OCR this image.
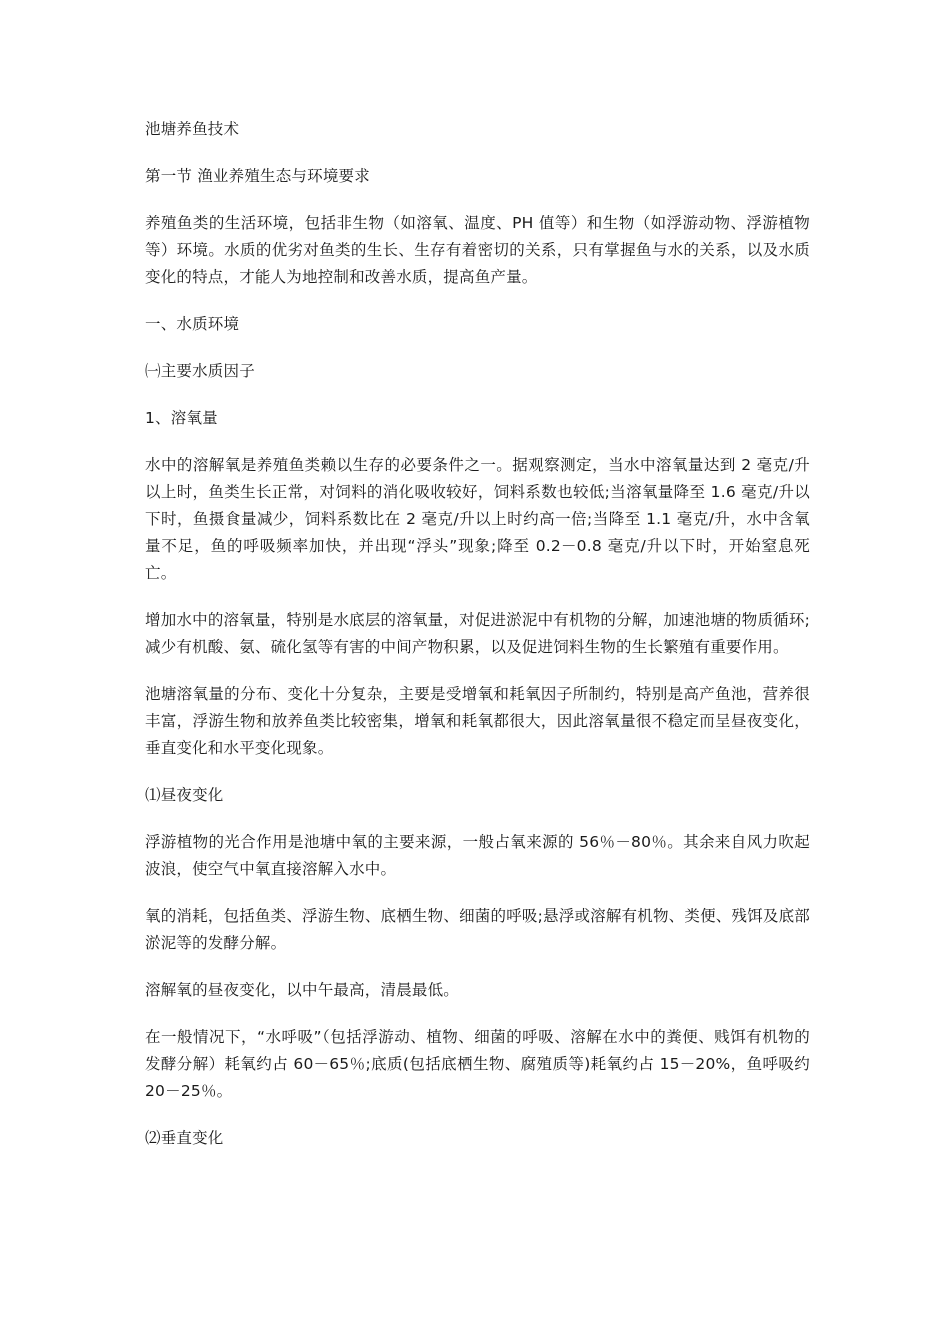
池塘养鱼技术

第一节 渔业养殖生态与环境要求

养殖鱼类的生活环境，包括非生物（如溶氧、温度、PH 值等）和生物（如浮游动物、浮游植物等）环境。水质的优劣对鱼类的生长、生存有着密切的关系，只有掌握鱼与水的关系，以及水质变化的特点，才能人为地控制和改善水质，提高鱼产量。

一、水质环境

㈠主要水质因子

1、溶氧量

水中的溶解氧是养殖鱼类赖以生存的必要条件之一。据观察测定，当水中溶氧量达到 2 毫克/升以上时，鱼类生长正常，对饲料的消化吸收较好，饲料系数也较低;当溶氧量降至 1.6 毫克/升以下时，鱼摄食量减少，饲料系数比在 2 毫克/升以上时约高一倍;当降至 1.1 毫克/升，水中含氧量不足，鱼的呼吸频率加快，并出现“浮头”现象;降至 0.2－0.8 毫克/升以下时，开始窒息死亡。

增加水中的溶氧量，特别是水底层的溶氧量，对促进淤泥中有机物的分解，加速池塘的物质循环;减少有机酸、氨、硫化氢等有害的中间产物积累，以及促进饲料生物的生长繁殖有重要作用。

池塘溶氧量的分布、变化十分复杂，主要是受增氧和耗氧因子所制约，特别是高产鱼池，营养很丰富，浮游生物和放养鱼类比较密集，增氧和耗氧都很大，因此溶氧量很不稳定而呈昼夜变化，垂直变化和水平变化现象。

⑴昼夜变化

浮游植物的光合作用是池塘中氧的主要来源，一般占氧来源的 56％－80％。其余来自风力吹起波浪，使空气中氧直接溶解入水中。

氧的消耗，包括鱼类、浮游生物、底栖生物、细菌的呼吸;悬浮或溶解有机物、类便、残饵及底部淤泥等的发酵分解。

溶解氧的昼夜变化，以中午最高，清晨最低。

在一般情况下，“水呼吸”（包括浮游动、植物、细菌的呼吸、溶解在水中的粪便、贱饵有机物的发酵分解）耗氧约占 60－65％;底质(包括底栖生物、腐殖质等)耗氧约占 15－20%，鱼呼吸约 20－25％。

⑵垂直变化
